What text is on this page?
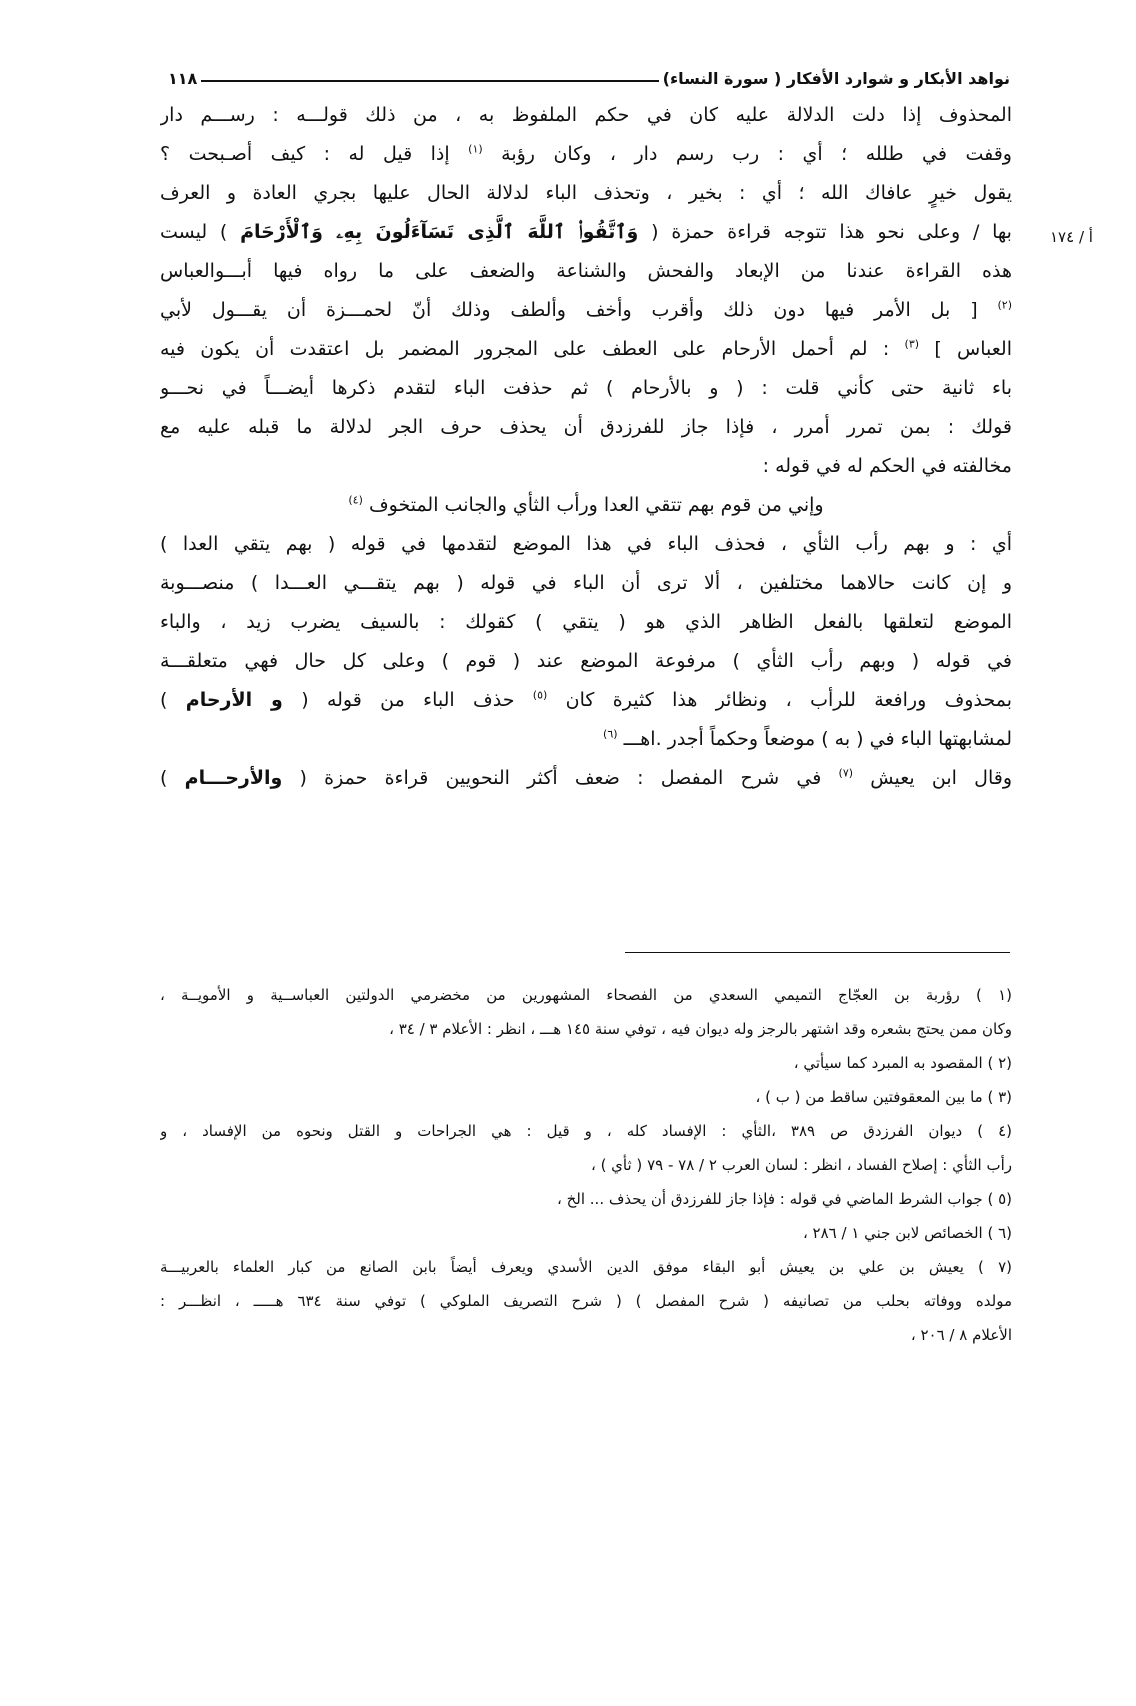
نواهد الأبكار و شوارد الأفكار ( سورة النساء)
١١٨
أ / ١٧٤
المحذوف إذا دلت الدلالة عليه كان في حكم الملفوظ به ، من ذلك قولـــه : رســـم دار
وقفت في طلله ؛ أي : رب رسم دار ، وكان رؤبة $^{(١)}$ إذا قيل له : كيف أصـبحت ؟
يقول خيرٍ عافاك الله ؛ أي : بخير ، وتحذف الباء لدلالة الحال عليها بجري العادة و العرف
بها / وعلى نحو هذا تتوجه قراءة حمزة ( وَٱتَّقُوا۟ ٱللَّهَ ٱلَّذِى تَسَآءَلُونَ بِهِۦ وَٱلْأَرْحَامَ ) ليست
هذه القراءة عندنا من الإبعاد والفحش والشناعة والضعف على ما رواه فيها أبـــوالعباس
$^{(٢)}$ [ بل الأمر فيها دون ذلك وأقرب وأخف وألطف وذلك أنّ لحمـــزة أن يقـــول لأبي
العباس ] $^{(٣)}$ : لم أحمل الأرحام على العطف على المجرور المضمر بل اعتقدت أن يكون فيه
باء ثانية حتى كأني قلت : ( و بالأرحام ) ثم حذفت الباء لتقدم ذكرها أيضـــاً في نحـــو
قولك : بمن تمرر أمرر ، فإذا جاز للفرزدق أن يحذف حرف الجر لدلالة ما قبله عليه مع
مخالفته في الحكم له في قوله :
وإني من قوم بهم تتقي العدا ورأب الثأي والجانب المتخوف $^{(٤)}$
أي : و بهم رأب الثأي ، فحذف الباء في هذا الموضع لتقدمها في قوله ( بهم يتقي العدا )
و إن كانت حالاهما مختلفين ، ألا ترى أن الباء في قوله ( بهم يتقـــي العـــدا ) منصـــوبة
الموضع لتعلقها بالفعل الظاهر الذي هو ( يتقي ) كقولك : بالسيف يضرب زيد ، والباء
في قوله ( وبهم رأب الثأي ) مرفوعة الموضع عند ( قوم ) وعلى كل حال فهي متعلقـــة
بمحذوف ورافعة للرأب ، ونظائر هذا كثيرة كان $^{(٥)}$ حذف الباء من قوله ( و الأرحام )
لمشابهتها الباء في ( به ) موضعاً وحكماً أجدر .اهـــ $^{(٦)}$
وقال ابن يعيش $^{(٧)}$ في شرح المفصل : ضعف أكثر النحويين قراءة حمزة ( والأرحـــام )
(١ ) رؤربة بن العجّاج التميمي السعدي من الفصحاء المشهورين من مخضرمي الدولتين العباســية و الأمويــة ،
وكان ممن يحتج بشعره وقد اشتهر بالرجز وله ديوان فيه ، توفي سنة ١٤٥ هـــ ، انظر : الأعلام ٣ / ٣٤ ،
(٢ ) المقصود به المبرد كما سيأتي ،
(٣ ) ما بين المعقوفتين ساقط من ( ب ) ،
(٤ ) ديوان الفرزدق ص ٣٨٩ ،الثأي : الإفساد كله ، و قيل : هي الجراحات و القتل ونحوه من الإفساد ، و
رأب الثأي : إصلاح الفساد ، انظر : لسان العرب ٢ / ٧٨ - ٧٩ ( ثأي ) ،
(٥ ) جواب الشرط الماضي في قوله : فإذا جاز للفرزدق أن يحذف ... الخ ،
(٦ ) الخصائص لابن جني ١ / ٢٨٦ ،
(٧ ) يعيش بن علي بن يعيش أبو البقاء موفق الدين الأسدي ويعرف أيضاً بابن الصانع من كبار العلماء بالعربيـــة
مولده ووفاته بحلب من تصانيفه ( شرح المفصل ) ( شرح التصريف الملوكي ) توفي سنة ٦٣٤ هـــــ ، انظـــر :
الأعلام ٨ / ٢٠٦ ،
